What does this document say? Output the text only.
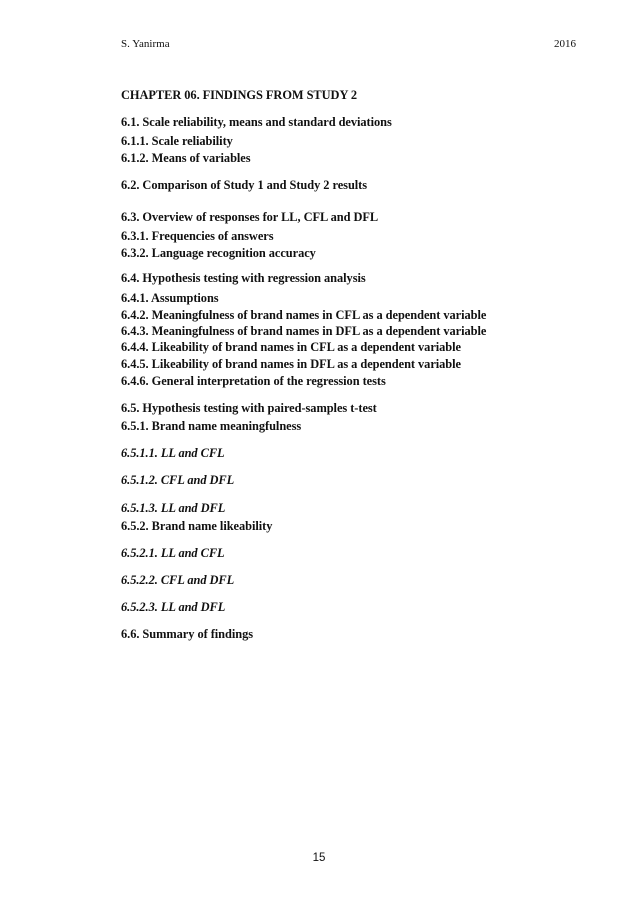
S. Yanirma	2016
CHAPTER 06. FINDINGS FROM STUDY 2
6.1. Scale reliability, means and standard deviations
6.1.1. Scale reliability
6.1.2. Means of variables
6.2. Comparison of Study 1 and Study 2 results
6.3. Overview of responses for LL, CFL and DFL
6.3.1. Frequencies of answers
6.3.2. Language recognition accuracy
6.4. Hypothesis testing with regression analysis
6.4.1. Assumptions
6.4.2. Meaningfulness of brand names in CFL as a dependent variable
6.4.3. Meaningfulness of brand names in DFL as a dependent variable
6.4.4. Likeability of brand names in CFL as a dependent variable
6.4.5. Likeability of brand names in DFL as a dependent variable
6.4.6. General interpretation of the regression tests
6.5. Hypothesis testing with paired-samples t-test
6.5.1. Brand name meaningfulness
6.5.1.1. LL and CFL
6.5.1.2. CFL and DFL
6.5.1.3. LL and DFL
6.5.2. Brand name likeability
6.5.2.1. LL and CFL
6.5.2.2. CFL and DFL
6.5.2.3. LL and DFL
6.6. Summary of findings
15
